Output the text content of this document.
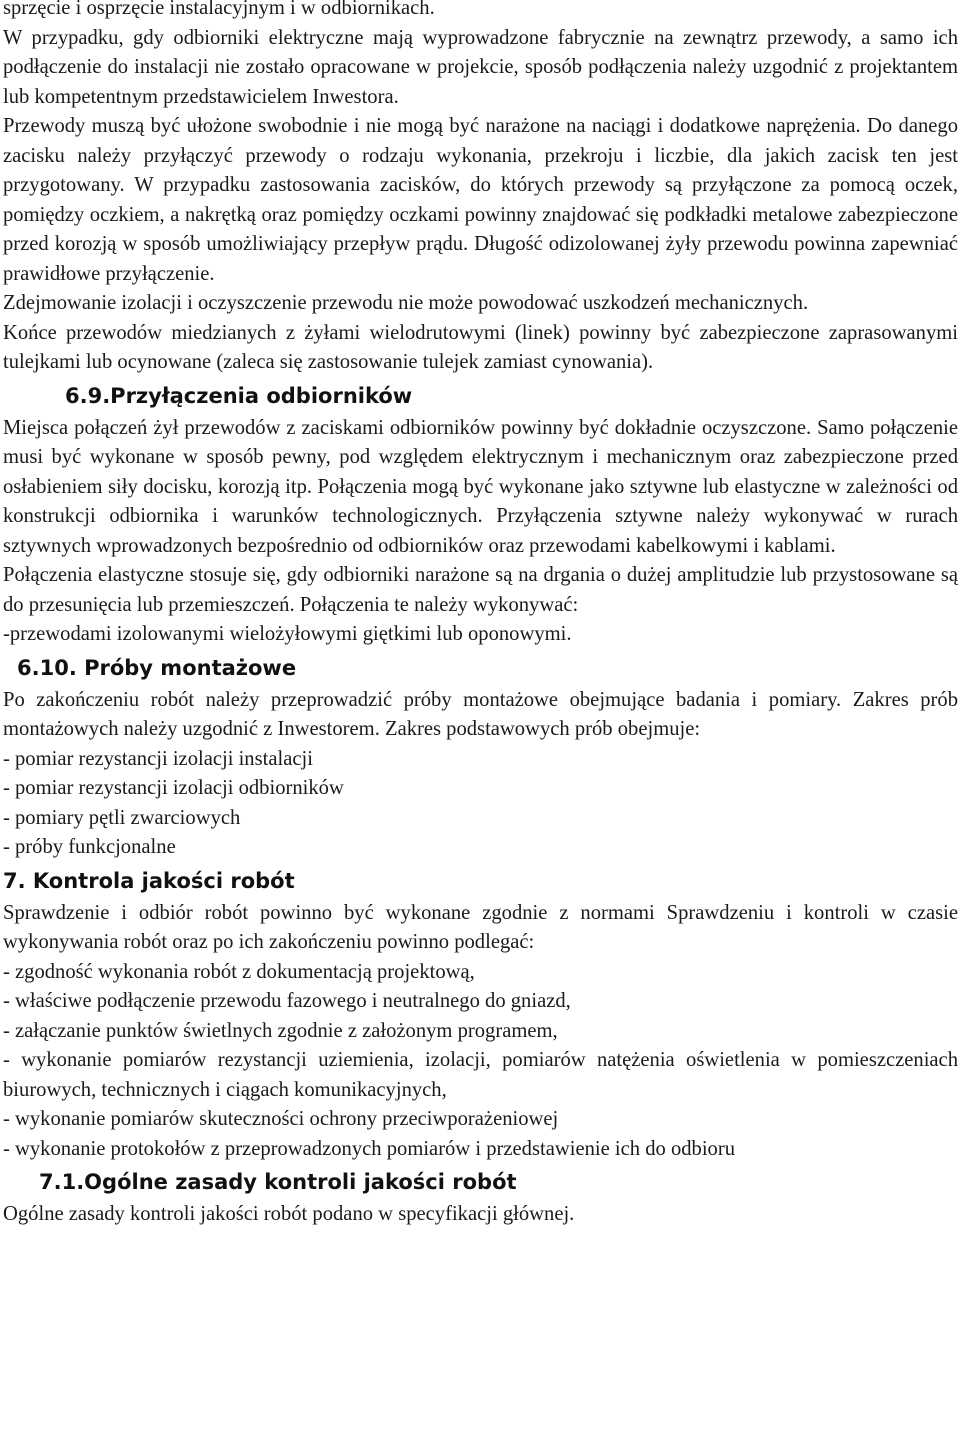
sprzęcie i osprzęcie instalacyjnym i w odbiornikach.

W przypadku, gdy odbiorniki elektryczne mają wyprowadzone fabrycznie na zewnątrz przewody, a samo ich podłączenie do instalacji nie zostało opracowane w projekcie, sposób podłączenia należy uzgodnić z projektantem lub kompetentnym przedstawicielem Inwestora.

Przewody muszą być ułożone swobodnie i nie mogą być narażone na naciągi i dodatkowe naprężenia. Do danego zacisku należy przyłączyć przewody o rodzaju wykonania, przekroju i liczbie, dla jakich zacisk ten jest przygotowany. W przypadku zastosowania zacisków, do których przewody są przyłączone za pomocą oczek, pomiędzy oczkiem, a nakrętką oraz pomiędzy oczkami powinny znajdować się podkładki metalowe zabezpieczone przed korozją w sposób umożliwiający przepływ prądu. Długość odizolowanej żyły przewodu powinna zapewniać prawidłowe przyłączenie.

Zdejmowanie izolacji i oczyszczenie przewodu nie może powodować uszkodzeń mechanicznych.

Końce przewodów miedzianych z żyłami wielodrutowymi (linek) powinny być zabezpieczone zaprasowanymi tulejkami lub ocynowane (zaleca się zastosowanie tulejek zamiast cynowania).

6.9.Przyłączenia odbiorników

Miejsca połączeń żył przewodów z zaciskami odbiorników powinny być dokładnie oczyszczone. Samo połączenie musi być wykonane w sposób pewny, pod względem elektrycznym i mechanicznym oraz zabezpieczone przed osłabieniem siły docisku, korozją itp. Połączenia mogą być wykonane jako sztywne lub elastyczne w zależności od konstrukcji odbiornika i warunków technologicznych. Przyłączenia sztywne należy wykonywać w rurach sztywnych wprowadzonych bezpośrednio od odbiorników oraz przewodami kabelkowymi i kablami.

Połączenia elastyczne stosuje się, gdy odbiorniki narażone są na drgania o dużej amplitudzie lub przystosowane są do przesunięcia lub przemieszczeń. Połączenia te należy wykonywać:

-przewodami izolowanymi wielożyłowymi giętkimi lub oponowymi.

6.10. Próby montażowe

Po zakończeniu robót należy przeprowadzić próby montażowe obejmujące badania i pomiary. Zakres prób montażowych należy uzgodnić z Inwestorem. Zakres podstawowych prób obejmuje:

- pomiar rezystancji izolacji instalacji

- pomiar rezystancji izolacji odbiorników

- pomiary pętli zwarciowych

- próby funkcjonalne

7. Kontrola jakości robót

Sprawdzenie i odbiór robót powinno być wykonane zgodnie z normami Sprawdzeniu i kontroli w czasie wykonywania robót oraz po ich zakończeniu powinno podlegać:

- zgodność wykonania robót z dokumentacją projektową,

- właściwe podłączenie przewodu fazowego i neutralnego do gniazd,

- załączanie punktów świetlnych zgodnie z założonym programem,

- wykonanie pomiarów rezystancji uziemienia, izolacji, pomiarów natężenia oświetlenia w pomieszczeniach biurowych, technicznych i ciągach komunikacyjnych,

- wykonanie pomiarów skuteczności ochrony przeciwporażeniowej

- wykonanie protokołów z przeprowadzonych pomiarów i przedstawienie ich do odbioru

7.1.Ogólne zasady kontroli jakości robót

Ogólne zasady kontroli jakości robót podano w specyfikacji głównej.
